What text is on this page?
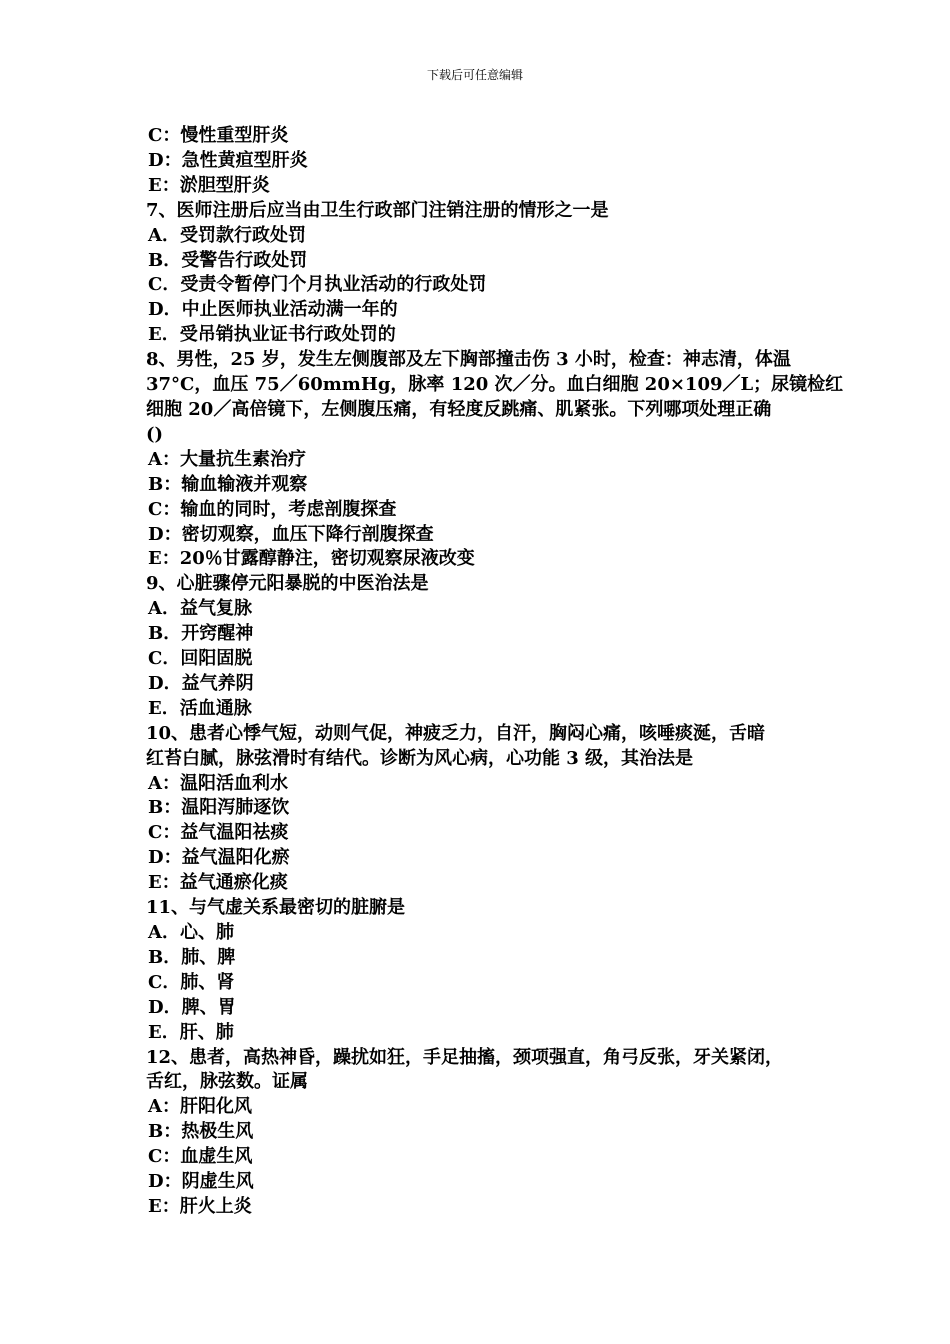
下载后可任意编辑
C：慢性重型肝炎
D：急性黄疸型肝炎
E：淤胆型肝炎
7、医师注册后应当由卫生行政部门注销注册的情形之一是
A．受罚款行政处罚
B．受警告行政处罚
C．受责令暂停门个月执业活动的行政处罚
D．中止医师执业活动满一年的
E．受吊销执业证书行政处罚的
8、男性，25 岁，发生左侧腹部及左下胸部撞击伤 3 小时，检查：神志清，体温
37°C，血压 75／60mmHg，脉率 120 次／分。血白细胞 20×109／L；尿镜检红
细胞 20／高倍镜下，左侧腹压痛，有轻度反跳痛、肌紧张。下列哪项处理正确
()
A：大量抗生素治疗
B：输血输液并观察
C：输血的同时，考虑剖腹探查
D：密切观察，血压下降行剖腹探查
E：20％甘露醇静注，密切观察尿液改变
9、心脏骤停元阳暴脱的中医治法是
A．益气复脉
B．开窍醒神
C．回阳固脱
D．益气养阴
E．活血通脉
10、患者心悸气短，动则气促，神疲乏力，自汗，胸闷心痛，咳唾痰涎，舌暗
红苔白腻，脉弦滑时有结代。诊断为风心病，心功能 3 级，其治法是
A：温阳活血利水
B：温阳泻肺逐饮
C：益气温阳祛痰
D：益气温阳化瘀
E：益气通瘀化痰
11、与气虚关系最密切的脏腑是
A．心、肺
B．肺、脾
C．肺、肾
D．脾、胃
E．肝、肺
12、患者，高热神昏，躁扰如狂，手足抽搐，颈项强直，角弓反张，牙关紧闭，
舌红，脉弦数。证属
A：肝阳化风
B：热极生风
C：血虚生风
D：阴虚生风
E：肝火上炎
